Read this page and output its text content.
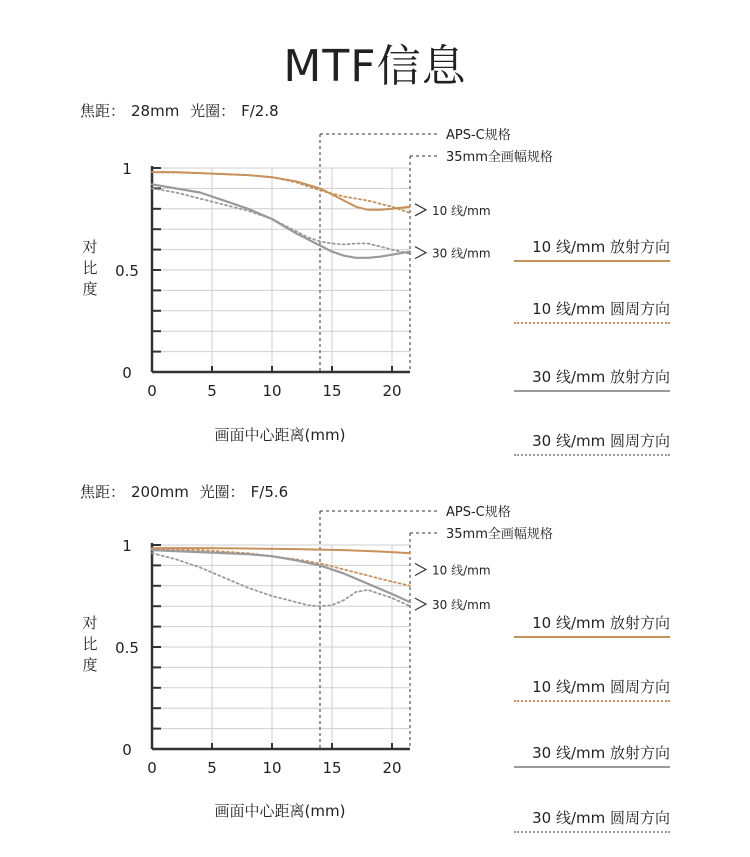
MTF信息
焦距： 28mm 光圈： F/2.8
0
0.5
1
0	5	10	15	20
APS-C规格
35mm全画幅规格
10 线/mm
30 线/mm
对
比
度
画面中心距离(mm)
10 线/mm 放射方向
10 线/mm 圆周方向
30 线/mm 放射方向
30 线/mm 圆周方向
焦距： 200mm 光圈： F/5.6
0
0.5
1
0	5	10	15	20
APS-C规格
35mm全画幅规格
10 线/mm
30 线/mm
对
比
度
画面中心距离(mm)
10 线/mm 放射方向
10 线/mm 圆周方向
30 线/mm 放射方向
30 线/mm 圆周方向
